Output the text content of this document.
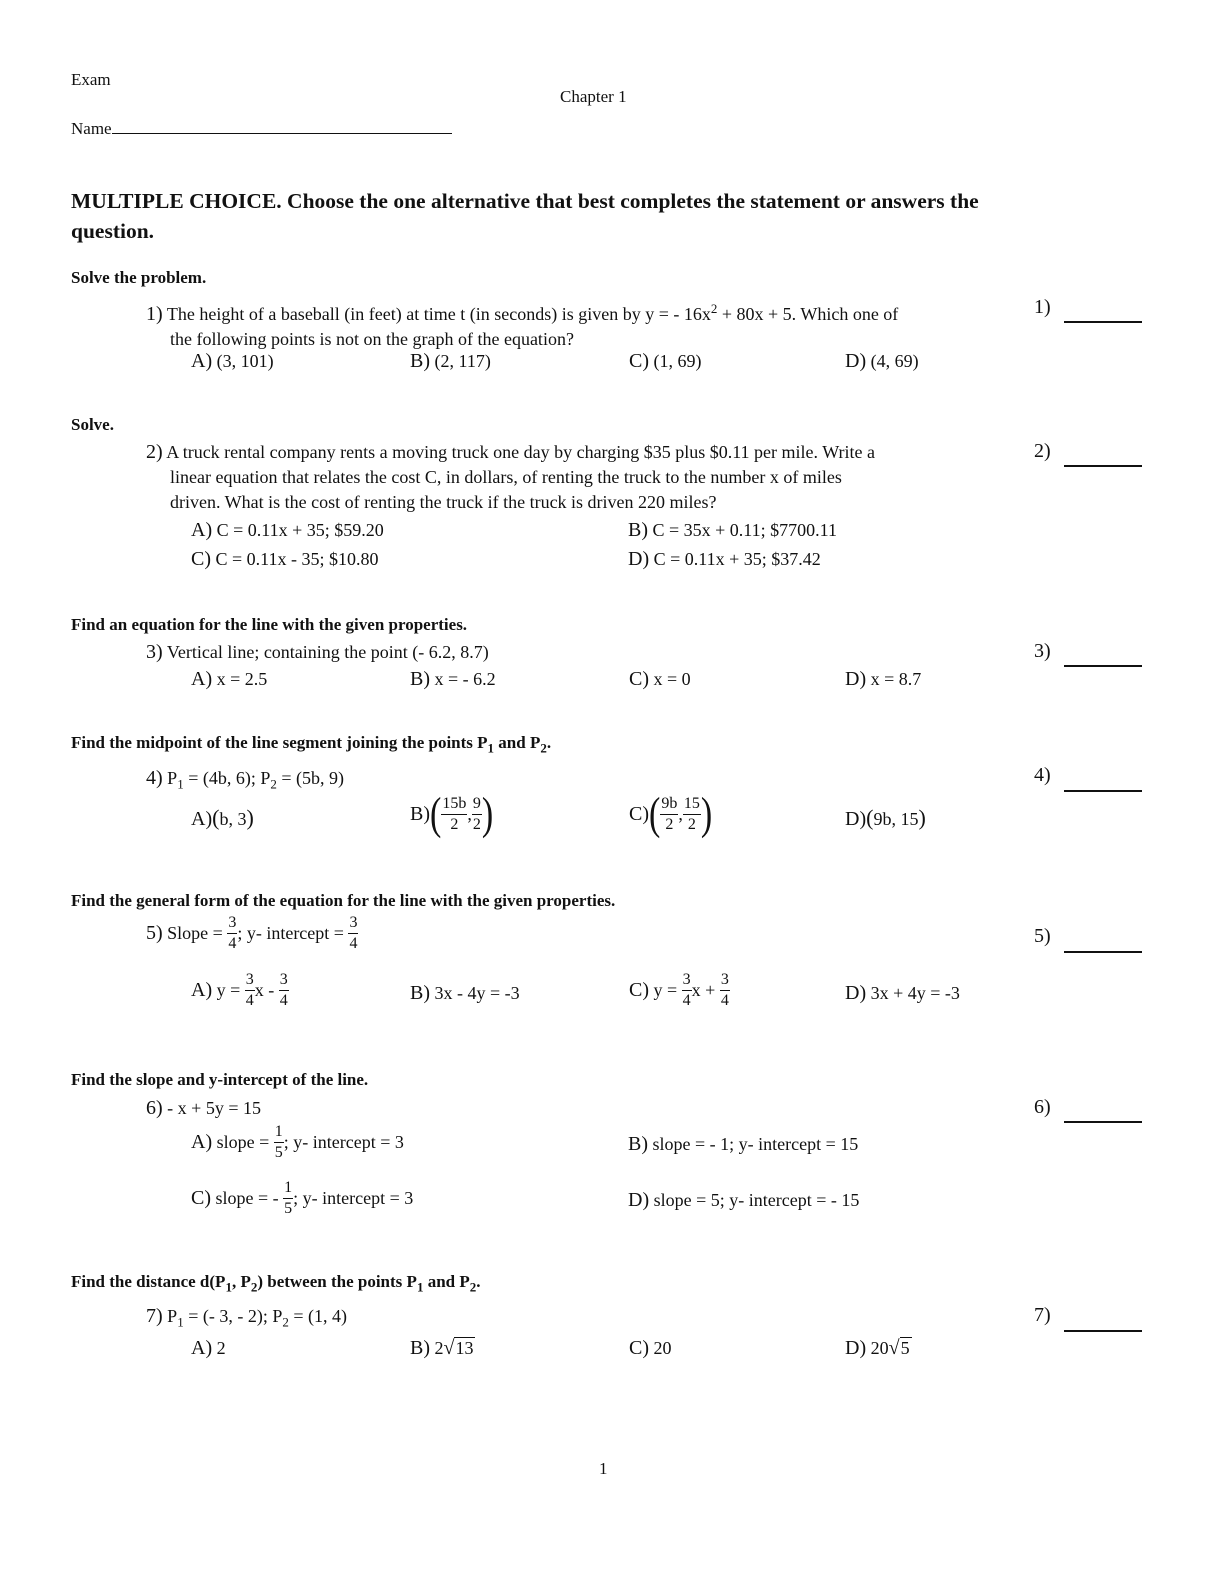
Exam
Chapter 1
Name
MULTIPLE CHOICE. Choose the one alternative that best completes the statement or answers the
question.
Solve the problem.
1) The height of a baseball (in feet) at time t (in seconds) is given by y = - $16x^2 + 80x + 5$. Which one of
the following points is not on the graph of the equation?
A) (3, 101)	B) (2, 117)	C) (1, 69)	D) (4, 69)
1)
Solve.
2) A truck rental company rents a moving truck one day by charging $35 plus $0.11 per mile. Write a
linear equation that relates the cost C, in dollars, of renting the truck to the number x of miles
driven. What is the cost of renting the truck if the truck is driven 220 miles?
A) C = 0.11x + 35; $59.20	B) C = 35x + 0.11; $7700.11
C) C = 0.11x - 35; $10.80	D) C = 0.11x + 35; $37.42
2)
Find an equation for the line with the given properties.
3) Vertical line; containing the point (- 6.2, 8.7)
A) x = 2.5	B) x = - 6.2	C) x = 0	D) x = 8.7
3)
Find the midpoint of the line segment joining the points $P_1$ and $P_2$.
4) $P_1 = (4b$, 6); $P_2 = (5b$, 9)
A)(b, 3)	$B)( \frac{15b}{2}$ , $\frac{9}{2}$ )	$C)( \frac{9b}{2}$ , $\frac{15}{2}$ )	D)(9b, 15)
4)
Find the general form of the equation for the line with the given properties.
5) Slope = $\frac{3}{4}$ ; y- intercept = $\frac{3}{4}$
A) $y = \frac{3}{4}$ x - $\frac{3}{4}$	B) 3x - 4y = -3	C) $y = \frac{3}{4}$ $x + \frac{3}{4}$	D) 3x + 4y = -3
5)
Find the slope and y-intercept of the line.
6) - x + 5y = 15
A) slope = $\frac{1}{5}$ ; y- intercept = 3	B) slope = - 1; y- intercept = 15
C) slope = - $\frac{1}{5}$ ; y- intercept = 3	D) slope = 5; y- intercept = - 15
6)
Find the distance $d(P_1$, $P_2$) between the points $P_1$ and $P_2$.
7) $P_1$ = (- 3, - 2); $P_2 = (1$, 4)
A) 2	B) 2√13	C) 20	D) 20√5
7)
1
